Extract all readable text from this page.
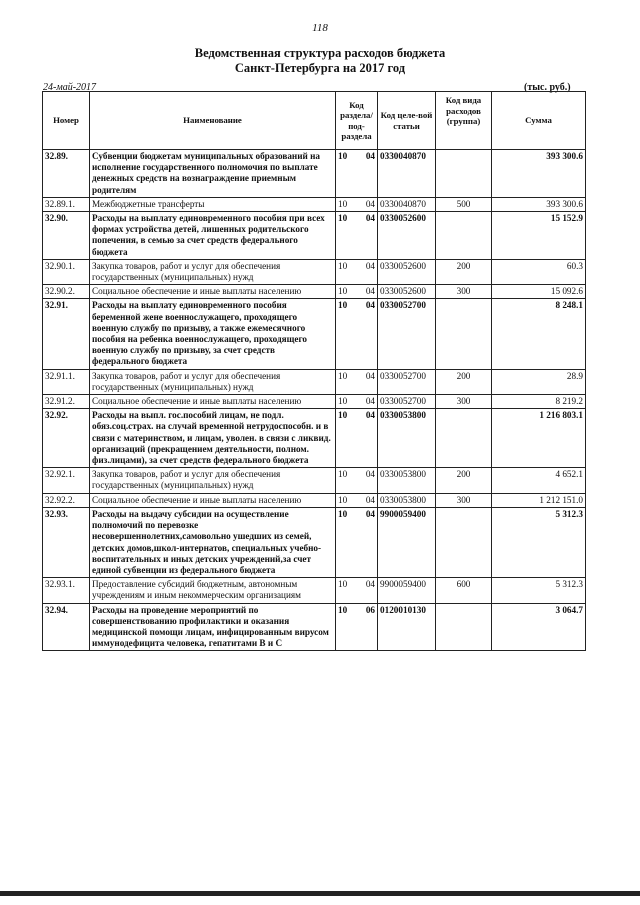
118
Ведомственная структура расходов бюджета
Санкт-Петербурга на 2017 год
24-май-2017	(тыс. руб.)
Номер	Наименование	Код раздела/ под-раздела	Код целе-вой статьи	Код вида расходов (группа)	Сумма
32.89.	Субвенции бюджетам муниципальных образований на исполнение государственного полномочия по выплате денежных средств на вознаграждение приемным родителям	10 04	0330040870		393 300.6
32.89.1.	Межбюджетные трансферты	10 04	0330040870	500	393 300.6
32.90.	Расходы на выплату единовременного пособия при всех формах устройства детей, лишенных родительского попечения, в семью за счет средств федерального бюджета	10 04	0330052600		15 152.9
32.90.1.	Закупка товаров, работ и услуг для обеспечения государственных (муниципальных) нужд	10 04	0330052600	200	60.3
32.90.2.	Социальное обеспечение и иные выплаты населению	10 04	0330052600	300	15 092.6
32.91.	Расходы на выплату единовременного пособия беременной жене военнослужащего, проходящего военную службу по призыву, а также ежемесячного пособия на ребенка военнослужащего, проходящего военную службу по призыву, за счет средств федерального бюджета	10 04	0330052700		8 248.1
32.91.1.	Закупка товаров, работ и услуг для обеспечения государственных (муниципальных) нужд	10 04	0330052700	200	28.9
32.91.2.	Социальное обеспечение и иные выплаты населению	10 04	0330052700	300	8 219.2
32.92.	Расходы на выпл. гос.пособий лицам, не подл. обяз.соц.страх. на случай временной нетрудоспособн. и в связи с материнством, и лицам, уволен. в связи с ликвид. организаций (прекращением деятельности, полном. физ.лицами), за счет средств федерального бюджета	10 04	0330053800		1 216 803.1
32.92.1.	Закупка товаров, работ и услуг для обеспечения государственных (муниципальных) нужд	10 04	0330053800	200	4 652.1
32.92.2.	Социальное обеспечение и иные выплаты населению	10 04	0330053800	300	1 212 151.0
32.93.	Расходы на выдачу субсидии на осуществление полномочий по перевозке несовершеннолетних,самовольно ушедших из семей, детских домов,школ-интернатов, специальных учебно-воспитательных и иных детских учреждений,за счет единой субвенции из федерального бюджета	10 04	9900059400		5 312.3
32.93.1.	Предоставление субсидий бюджетным, автономным учреждениям и иным некоммерческим организациям	10 04	9900059400	600	5 312.3
32.94.	Расходы на проведение мероприятий по совершенствованию профилактики и оказания медицинской помощи лицам, инфицированным вирусом иммунодефицита человека, гепатитами В и С	10 06	0120010130		3 064.7
